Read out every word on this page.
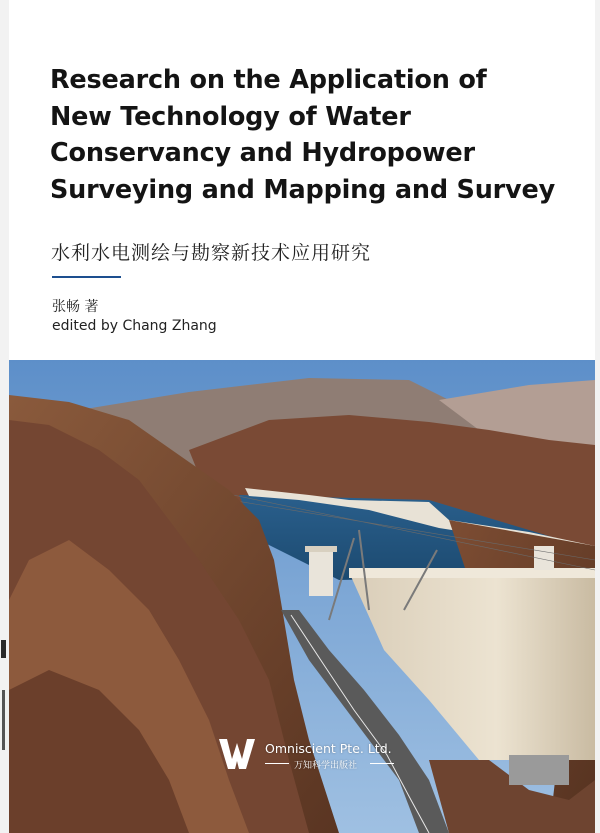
Research on the Application of
New Technology of Water
Conservancy and Hydropower
Surveying and Mapping and Survey

水利水电测绘与勘察新技术应用研究

张畅 著
edited by Chang Zhang
Omniscient Pte. Ltd.
万知科学出版社
